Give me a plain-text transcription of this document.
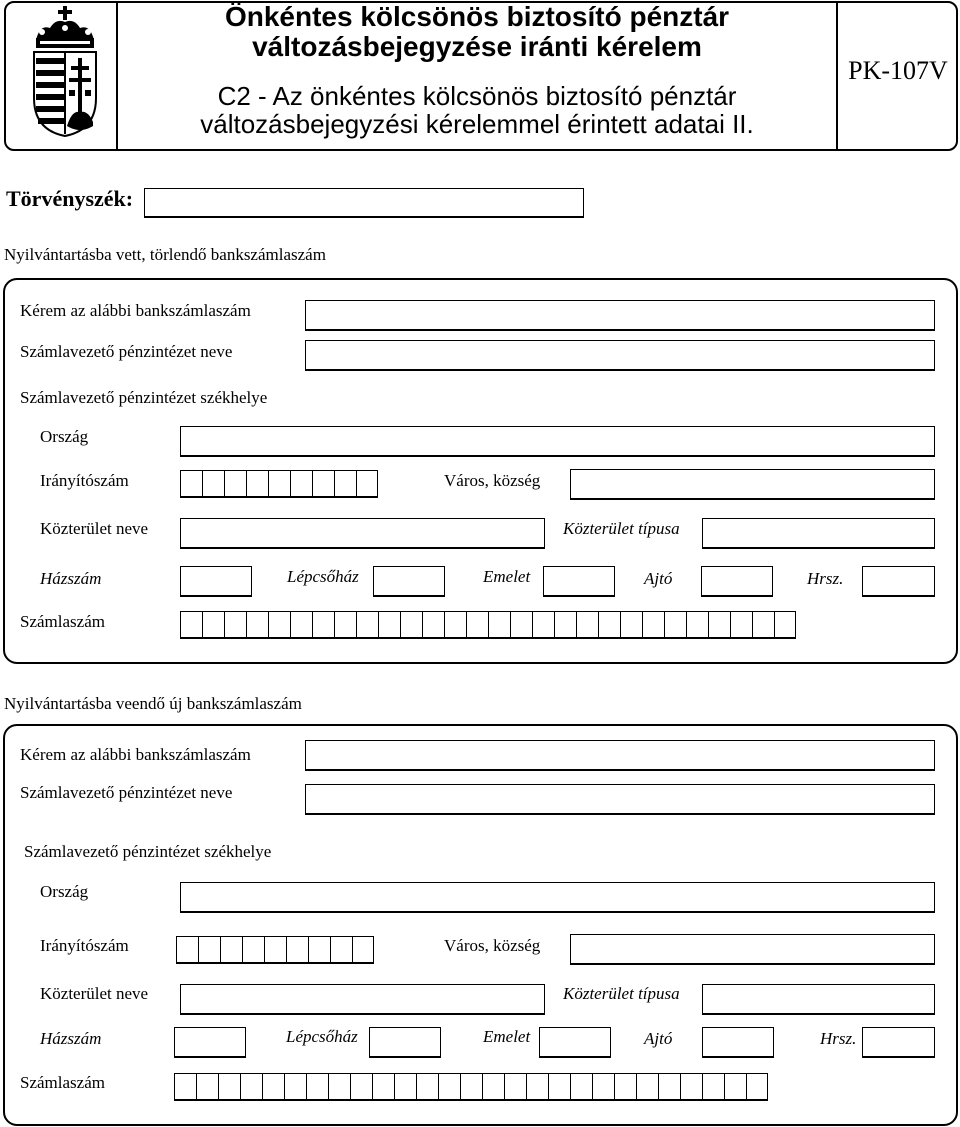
Önkéntes kölcsönös biztosító pénztár
változásbejegyzése iránti kérelem
C2 - Az önkéntes kölcsönös biztosító pénztár
változásbejegyzési kérelemmel érintett adatai II.
PK-107V
Törvényszék:
Nyilvántartásba vett, törlendő bankszámlaszám
Kérem az alábbi bankszámlaszám
Számlavezető pénzintézet neve
Számlavezető pénzintézet székhelye
Ország
Irányítószám	Város, község
Közterület neve	Közterület típusa
Házszám	Lépcsőház	Emelet	Ajtó	Hrsz.
Számlaszám
Nyilvántartásba veendő új bankszámlaszám
Kérem az alábbi bankszámlaszám
Számlavezető pénzintézet neve
Számlavezető pénzintézet székhelye
Ország
Irányítószám	Város, község
Közterület neve	Közterület típusa
Házszám	Lépcsőház	Emelet	Ajtó	Hrsz.
Számlaszám
